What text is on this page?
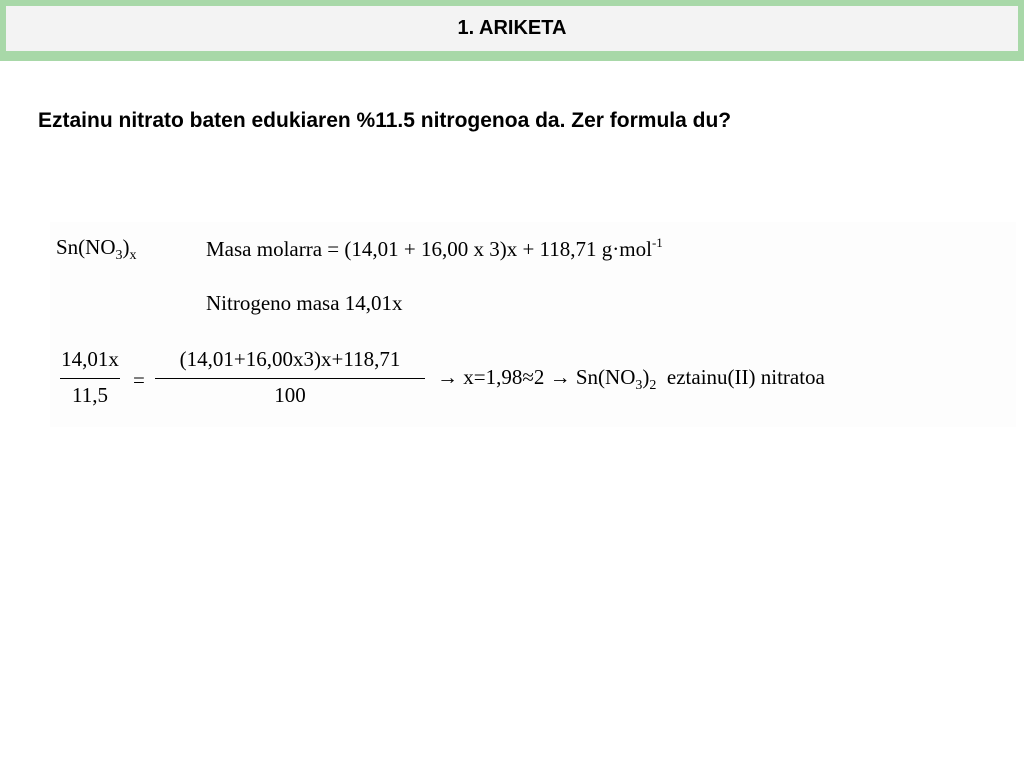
1. ARIKETA
Eztainu nitrato baten edukiaren %11.5 nitrogenoa da. Zer formula du?
$Sn(NO_3)_x$	Masa molarra = (14,01 + 16,00 x 3)x + 118,71 g·mol$^{-1}$
Nitrogeno masa 14,01x
14,01x
11,5
=
(14,01+16,00x3)x+118,71
100
→ $x=1,98\approx 2 \to Sn(NO_3)_2$ eztainu(II) nitratoa
